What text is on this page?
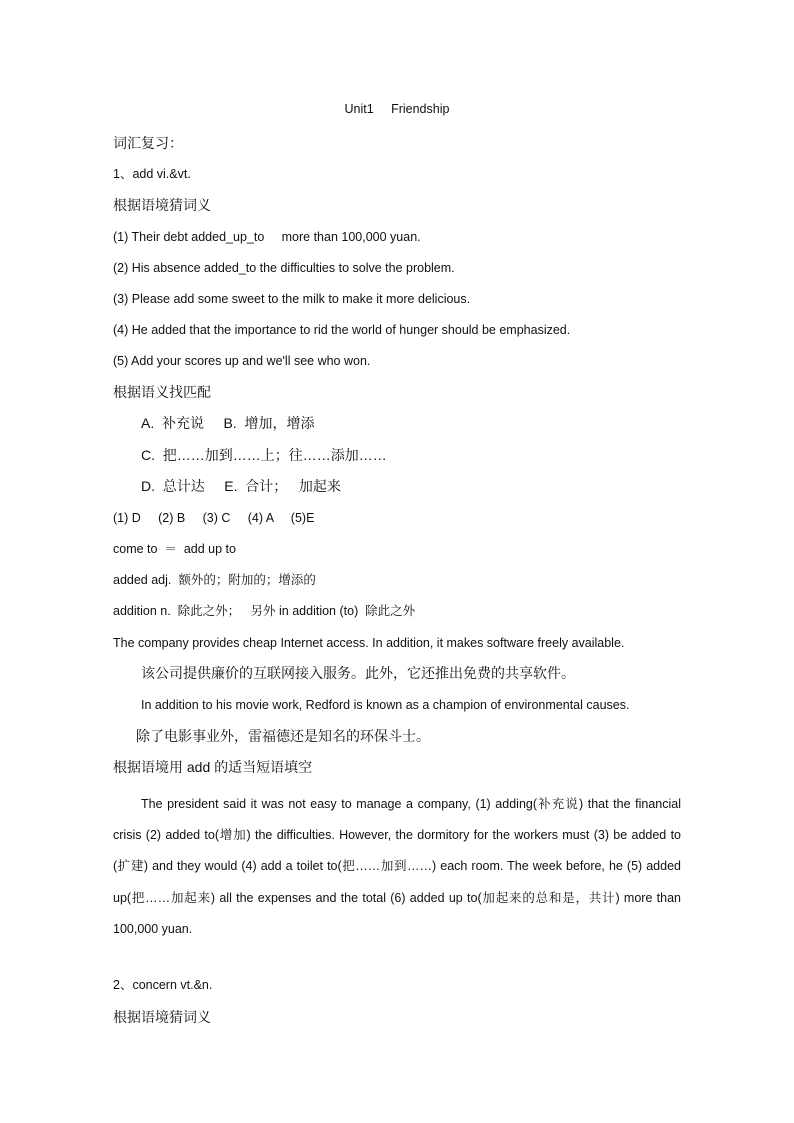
Unit1     Friendship
词汇复习：
1、add vi.&vt.
根据语境猜词义
(1) Their debt added_up_to     more than 100,000 yuan.
(2) His absence added_to the difficulties to solve the problem.
(3) Please add some sweet to the milk to make it more delicious.
(4) He added that the importance to rid the world of hunger should be emphasized.
(5) Add your scores up and we'll see who won.
根据语义找匹配
A.  补充说     B.  增加，增添
C.  把……加到……上；往……添加……
D.  总计达     E.  合计；   加起来
(1) D     (2) B     (3) C     (4) A     (5)E
come to  ＝  add up to
added adj.  额外的；附加的；增添的
addition n.  除此之外；   另外 in addition (to)  除此之外
The company provides cheap Internet access. In addition, it makes software freely available.
该公司提供廉价的互联网接入服务。此外，它还推出免费的共享软件。
In addition to his movie work, Redford is known as a champion of environmental causes.
除了电影事业外，雷福德还是知名的环保斗士。
根据语境用 add 的适当短语填空
The president said it was not easy to manage a company, (1) adding(补充说) that the financial crisis (2) added to(增加) the difficulties. However, the dormitory for the workers must (3) be added to (扩建) and they would (4) add a toilet to(把……加到……) each room. The week before, he (5) added up(把……加起来) all the expenses and the total (6) added up to(加起来的总和是，共计) more than 100,000 yuan.
2、concern vt.&n.
根据语境猜词义
